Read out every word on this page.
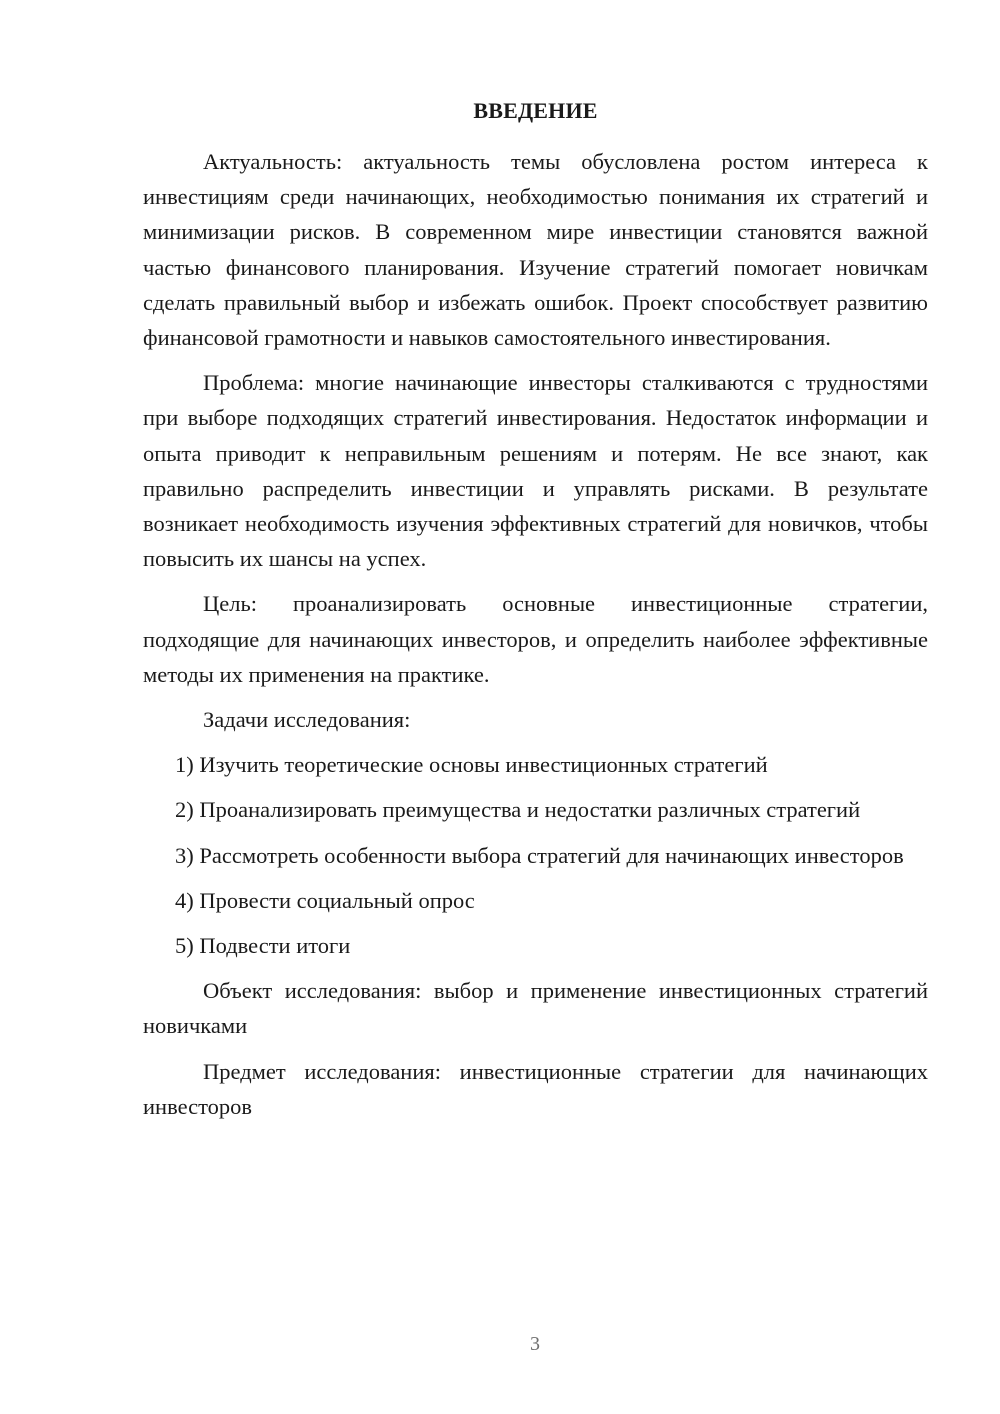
ВВЕДЕНИЕ

Актуальность: актуальность темы обусловлена ростом интереса к инвестициям среди начинающих, необходимостью понимания их стратегий и минимизации рисков. В современном мире инвестиции становятся важной частью финансового планирования. Изучение стратегий помогает новичкам сделать правильный выбор и избежать ошибок. Проект способствует развитию финансовой грамотности и навыков самостоятельного инвестирования.

Проблема: многие начинающие инвесторы сталкиваются с трудностями при выборе подходящих стратегий инвестирования. Недостаток информации и опыта приводит к неправильным решениям и потерям. Не все знают, как правильно распределить инвестиции и управлять рисками. В результате возникает необходимость изучения эффективных стратегий для новичков, чтобы повысить их шансы на успех.

Цель: проанализировать основные инвестиционные стратегии, подходящие для начинающих инвесторов, и определить наиболее эффективные методы их применения на практике.

Задачи исследования:

1) Изучить теоретические основы инвестиционных стратегий

2) Проанализировать преимущества и недостатки различных стратегий

3) Рассмотреть особенности выбора стратегий для начинающих инвесторов

4) Провести социальный опрос

5) Подвести итоги

Объект исследования: выбор и применение инвестиционных стратегий новичками

Предмет исследования: инвестиционные стратегии для начинающих инвесторов

3
